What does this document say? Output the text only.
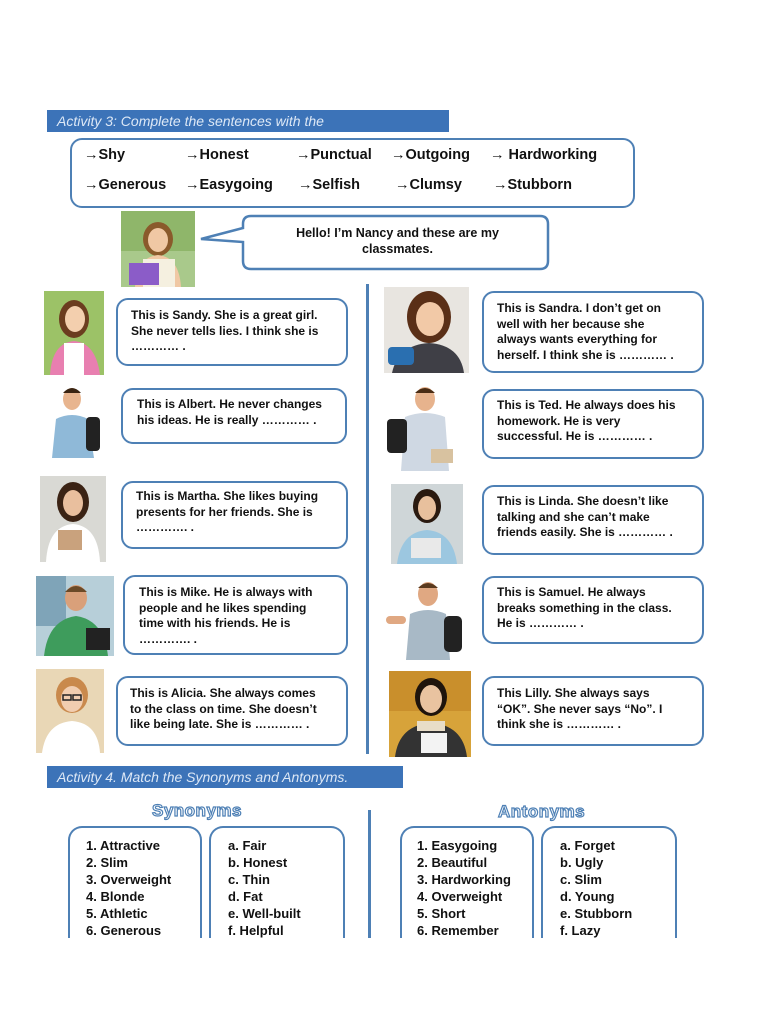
Activity 3: Complete the sentences with the
→Shy	→Honest	→Punctual →Outgoing → Hardworking
→Generous →Easygoing →Selfish →Clumsy →Stubborn
Hello! I’m Nancy and these are my
classmates.
This is Sandy. She is a great girl.
She never tells lies. I think she is
………… .
This is Albert. He never changes
his ideas. He is really ………… .
This is Martha. She likes buying
presents for her friends. She is
…………. .
This is Mike. He is always with
people and he likes spending
time with his friends. He is
…………. .
This is Alicia. She always comes
to the class on time. She doesn’t
like being late. She is ………… .
This is Sandra. I don’t get on
well with her because she
always wants everything for
herself. I think she is ………… .
This is Ted. He always does his
homework. He is very
successful. He is ………… .
This is Linda. She doesn’t like
talking and she can’t make
friends easily. She is ………… .
This is Samuel. He always
breaks something in the class.
He is ………… .
This Lilly. She always says
“OK”. She never says “No”. I
think she is ………… .
Activity 4. Match the Synonyms and Antonyms.
Synonyms	Antonyms
1. Attractive
2. Slim
3. Overweight
4. Blonde
5. Athletic
6. Generous
a. Fair
b. Honest
c. Thin
d. Fat
e. Well-built
f. Helpful
1. Easygoing
2. Beautiful
3. Hardworking
4. Overweight
5. Short
6. Remember
a. Forget
b. Ugly
c. Slim
d. Young
e. Stubborn
f. Lazy
